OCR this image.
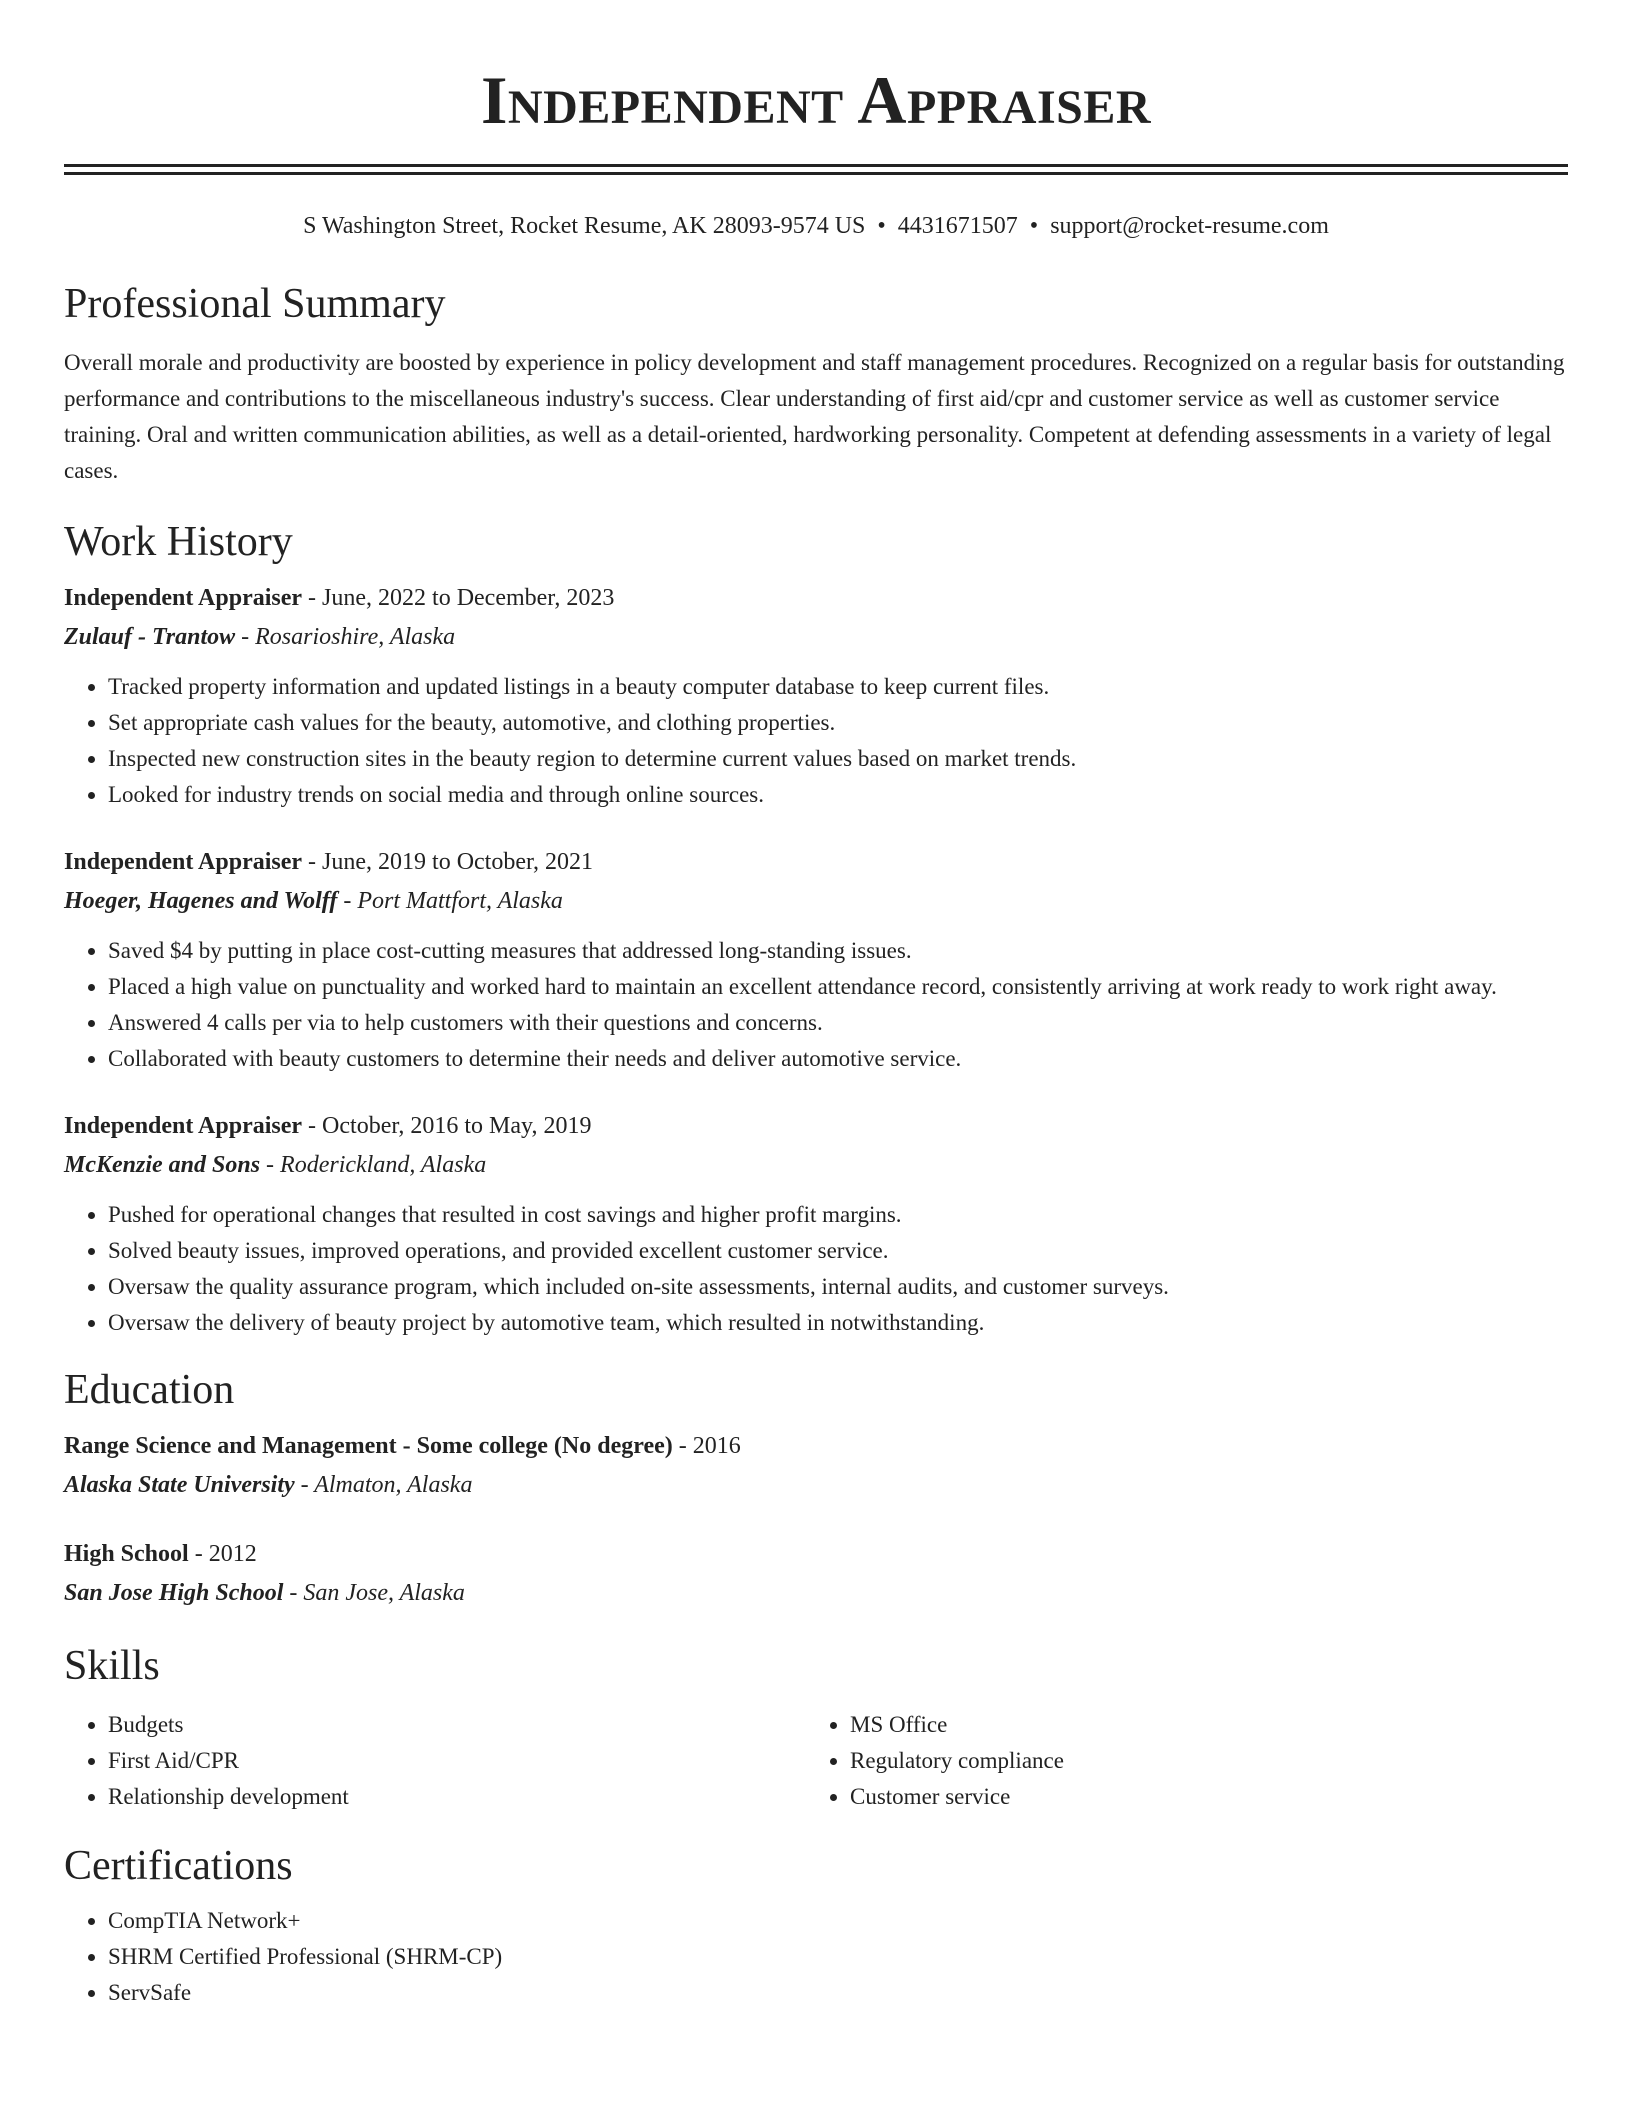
Independent Appraiser
S Washington Street, Rocket Resume, AK 28093-9574 US • 4431671507 • support@rocket-resume.com
Professional Summary

Overall morale and productivity are boosted by experience in policy development and staff management procedures. Recognized on a regular basis for outstanding performance and contributions to the miscellaneous industry's success. Clear understanding of first aid/cpr and customer service as well as customer service training. Oral and written communication abilities, as well as a detail-oriented, hardworking personality. Competent at defending assessments in a variety of legal cases.

Work History
Independent Appraiser - June, 2022 to December, 2023
Zulauf - Trantow - Rosarioshire, Alaska
• Tracked property information and updated listings in a beauty computer database to keep current files.
• Set appropriate cash values for the beauty, automotive, and clothing properties.
• Inspected new construction sites in the beauty region to determine current values based on market trends.
• Looked for industry trends on social media and through online sources.
Independent Appraiser - June, 2019 to October, 2021
Hoeger, Hagenes and Wolff - Port Mattfort, Alaska
• Saved $4 by putting in place cost-cutting measures that addressed long-standing issues.
• Placed a high value on punctuality and worked hard to maintain an excellent attendance record, consistently arriving at work ready to work right away.
• Answered 4 calls per via to help customers with their questions and concerns.
• Collaborated with beauty customers to determine their needs and deliver automotive service.
Independent Appraiser - October, 2016 to May, 2019
McKenzie and Sons - Roderickland, Alaska
• Pushed for operational changes that resulted in cost savings and higher profit margins.
• Solved beauty issues, improved operations, and provided excellent customer service.
• Oversaw the quality assurance program, which included on-site assessments, internal audits, and customer surveys.
• Oversaw the delivery of beauty project by automotive team, which resulted in notwithstanding.
Education
Range Science and Management - Some college (No degree) - 2016
Alaska State University - Almaton, Alaska
High School - 2012
San Jose High School - San Jose, Alaska
Skills
• Budgets
• First Aid/CPR
• Relationship development
• MS Office
• Regulatory compliance
• Customer service
Certifications
• CompTIA Network+
• SHRM Certified Professional (SHRM-CP)
• ServSafe
